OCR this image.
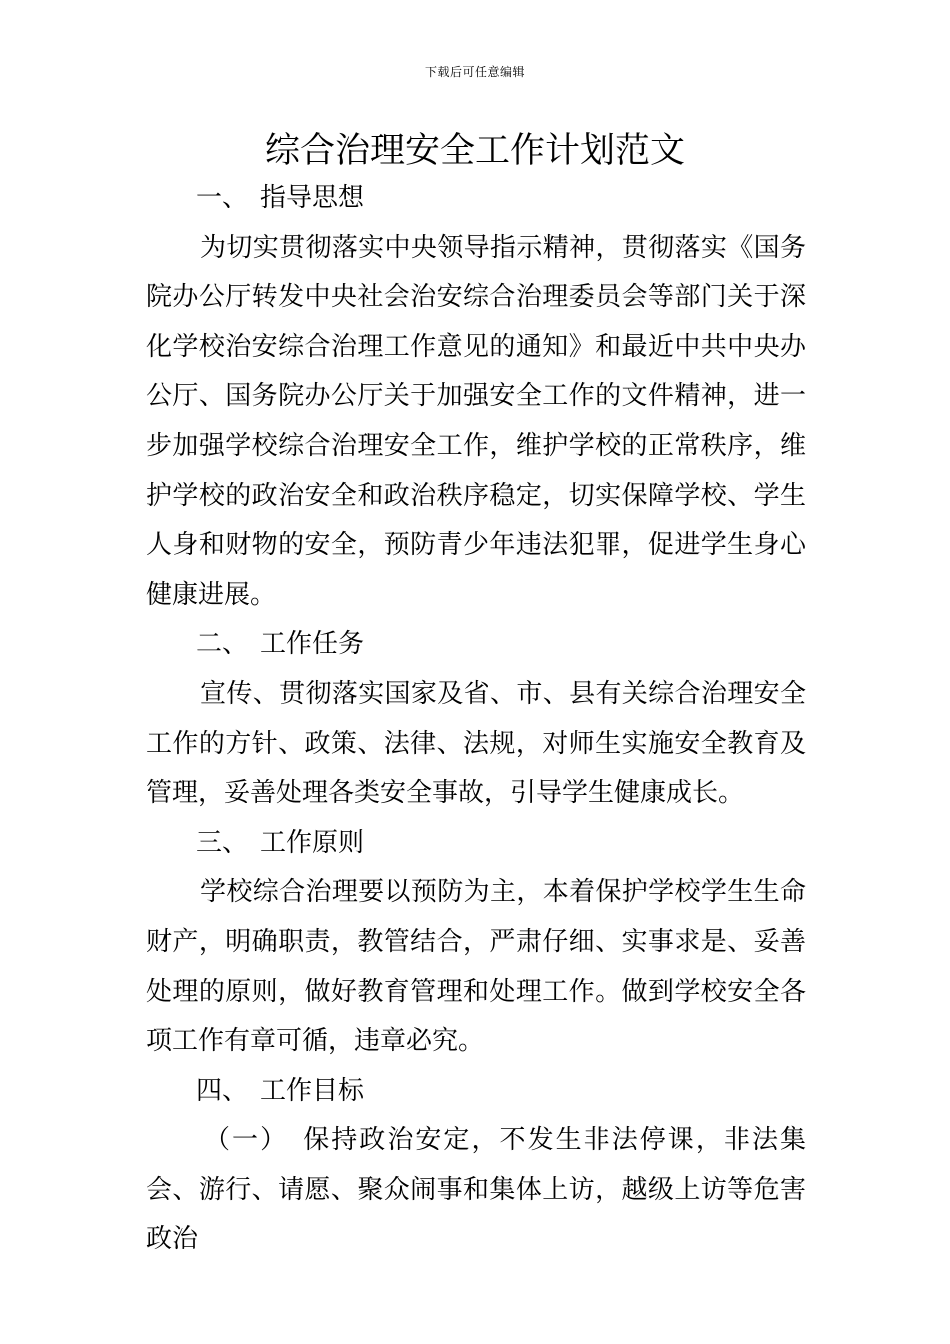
下载后可任意编辑
综合治理安全工作计划范文

一、 指导思想

为切实贯彻落实中央领导指示精神，贯彻落实《国务院办公厅转发中央社会治安综合治理委员会等部门关于深化学校治安综合治理工作意见的通知》和最近中共中央办公厅、国务院办公厅关于加强安全工作的文件精神，进一步加强学校综合治理安全工作，维护学校的正常秩序，维护学校的政治安全和政治秩序稳定，切实保障学校、学生人身和财物的安全，预防青少年违法犯罪，促进学生身心健康进展。

二、 工作任务

宣传、贯彻落实国家及省、市、县有关综合治理安全工作的方针、政策、法律、法规，对师生实施安全教育及管理，妥善处理各类安全事故，引导学生健康成长。

三、 工作原则

学校综合治理要以预防为主，本着保护学校学生生命财产，明确职责，教管结合，严肃仔细、实事求是、妥善处理的原则，做好教育管理和处理工作。做到学校安全各项工作有章可循，违章必究。

四、 工作目标

（一）　保持政治安定，不发生非法停课，非法集会、游行、请愿、聚众闹事和集体上访，越级上访等危害政治
